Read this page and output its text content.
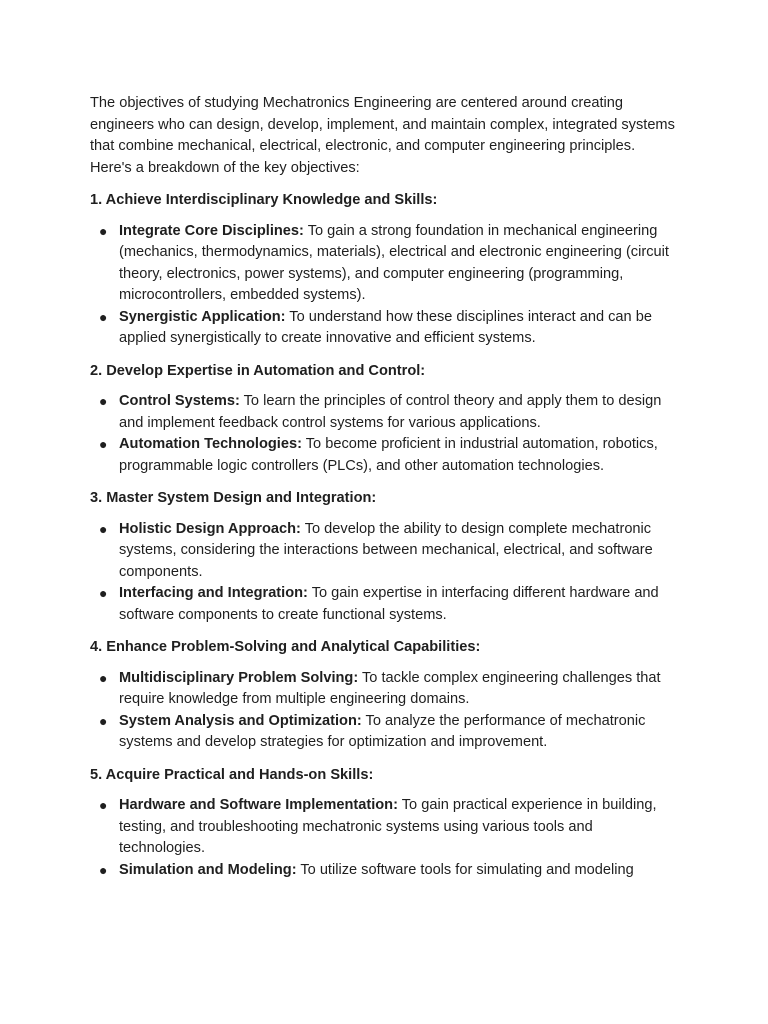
The objectives of studying Mechatronics Engineering are centered around creating engineers who can design, develop, implement, and maintain complex, integrated systems that combine mechanical, electrical, electronic, and computer engineering principles. Here's a breakdown of the key objectives:

1. Achieve Interdisciplinary Knowledge and Skills:

● Integrate Core Disciplines: To gain a strong foundation in mechanical engineering (mechanics, thermodynamics, materials), electrical and electronic engineering (circuit theory, electronics, power systems), and computer engineering (programming, microcontrollers, embedded systems).
● Synergistic Application: To understand how these disciplines interact and can be applied synergistically to create innovative and efficient systems.

2. Develop Expertise in Automation and Control:

● Control Systems: To learn the principles of control theory and apply them to design and implement feedback control systems for various applications.
● Automation Technologies: To become proficient in industrial automation, robotics, programmable logic controllers (PLCs), and other automation technologies.

3. Master System Design and Integration:

● Holistic Design Approach: To develop the ability to design complete mechatronic systems, considering the interactions between mechanical, electrical, and software components.
● Interfacing and Integration: To gain expertise in interfacing different hardware and software components to create functional systems.

4. Enhance Problem-Solving and Analytical Capabilities:

● Multidisciplinary Problem Solving: To tackle complex engineering challenges that require knowledge from multiple engineering domains.
● System Analysis and Optimization: To analyze the performance of mechatronic systems and develop strategies for optimization and improvement.

5. Acquire Practical and Hands-on Skills:

● Hardware and Software Implementation: To gain practical experience in building, testing, and troubleshooting mechatronic systems using various tools and technologies.
● Simulation and Modeling: To utilize software tools for simulating and modeling
